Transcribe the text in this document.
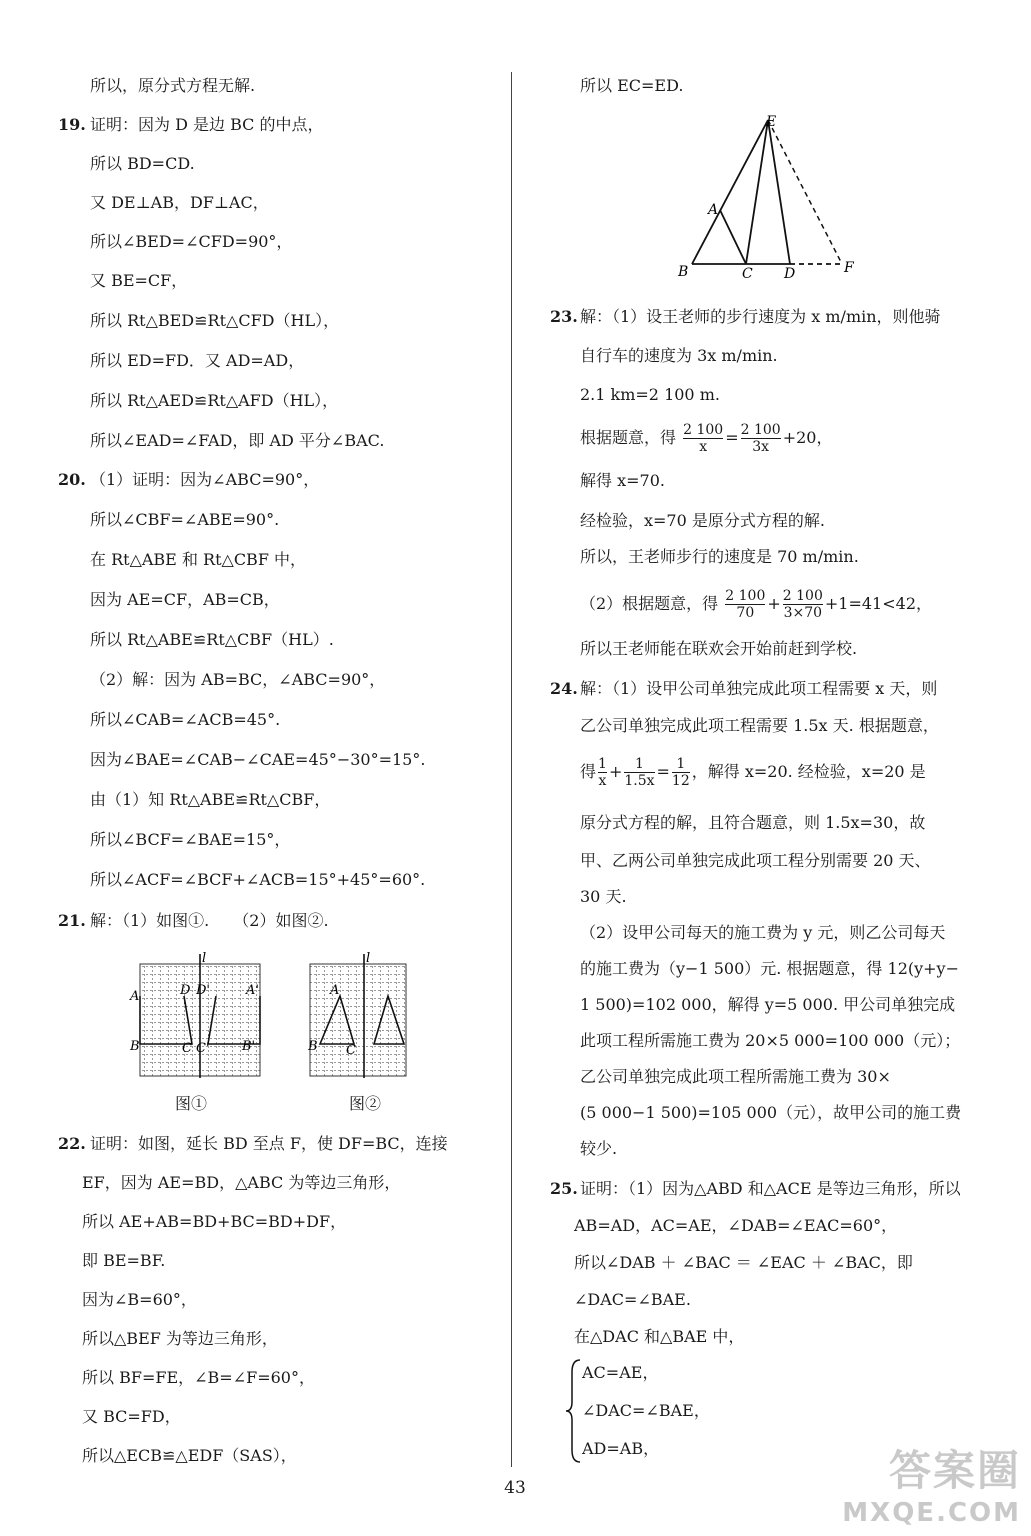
所以，原分式方程无解.
19. 证明：因为 D 是边 BC 的中点，
所以 BD=CD.
又 DE⊥AB，DF⊥AC，
所以∠BED=∠CFD=90°，
又 BE=CF，
所以 Rt△BED≌Rt△CFD（HL），
所以 ED=FD．又 AD=AD，
所以 Rt△AED≌Rt△AFD（HL），
所以∠EAD=∠FAD，即 AD 平分∠BAC.
20. （1）证明：因为∠ABC=90°，
所以∠CBF=∠ABE=90°.
在 Rt△ABE 和 Rt△CBF 中，
因为 AE=CF，AB=CB，
所以 Rt△ABE≌Rt△CBF（HL）.
（2）解：因为 AB=BC，∠ABC=90°，
所以∠CAB=∠ACB=45°.
因为∠BAE=∠CAB−∠CAE=45°−30°=15°.
由（1）知 Rt△ABE≌Rt△CBF，
所以∠BCF=∠BAE=15°，
所以∠ACF=∠BCF+∠ACB=15°+45°=60°.
21. 解：（1）如图①.　　（2）如图②.
l
A	D D'	A'
B	C C' B'
图①
l
A
B C
图②
22. 证明：如图，延长 BD 至点 F，使 DF=BC，连接
EF，因为 AE=BD，△ABC 为等边三角形，
所以 AE+AB=BD+BC=BD+DF，
即 BE=BF.
因为∠B=60°，
所以△BEF 为等边三角形，
所以 BF=FE，∠B=∠F=60°，
又 BC=FD，
所以△ECB≌△EDF（SAS），
所以 EC=ED.
E
A
B	C D	F
23. 解：（1）设王老师的步行速度为 x m/min，则他骑
自行车的速度为 3x m/min.
2.1 km=2 100 m.
根据题意，得 $\frac{2 100}{x} = \frac{2 100}{3x} +20$，
解得 x=70.
经检验，x=70 是原分式方程的解.
所以，王老师步行的速度是 70 m/min.
（2）根据题意，得 $\frac{2 100}{70} + \frac{2 100}{3\times 70} +1=41<42$，
所以王老师能在联欢会开始前赶到学校.
24. 解：（1）设甲公司单独完成此项工程需要 x 天，则
乙公司单独完成此项工程需要 1.5x 天. 根据题意，
得 $\frac{1}{x} + \frac{1}{1.5x} = \frac{1}{12}$ ，解得 x=20. 经检验，x=20 是
原分式方程的解，且符合题意，则 1.5x=30，故
甲、乙两公司单独完成此项工程分别需要 20 天、
30 天.
（2）设甲公司每天的施工费为 y 元，则乙公司每天
的施工费为（y−1 500）元. 根据题意，得 12(y+y−
1 500)=102 000，解得 y=5 000. 甲公司单独完成
此项工程所需施工费为 20×5 000=100 000（元）；
乙公司单独完成此项工程所需施工费为 30×
(5 000−1 500)=105 000（元），故甲公司的施工费
较少.
25. 证明：（1）因为△ABD 和△ACE 是等边三角形，所以
AB=AD，AC=AE，∠DAB=∠EAC=60°，
所以∠DAB ＋ ∠BAC ＝ ∠EAC ＋ ∠BAC，即
∠DAC=∠BAE.
在△DAC 和△BAE 中，
AC=AE，
∠DAC=∠BAE，
AD=AB，
43	答案圈
MXQE.COM
